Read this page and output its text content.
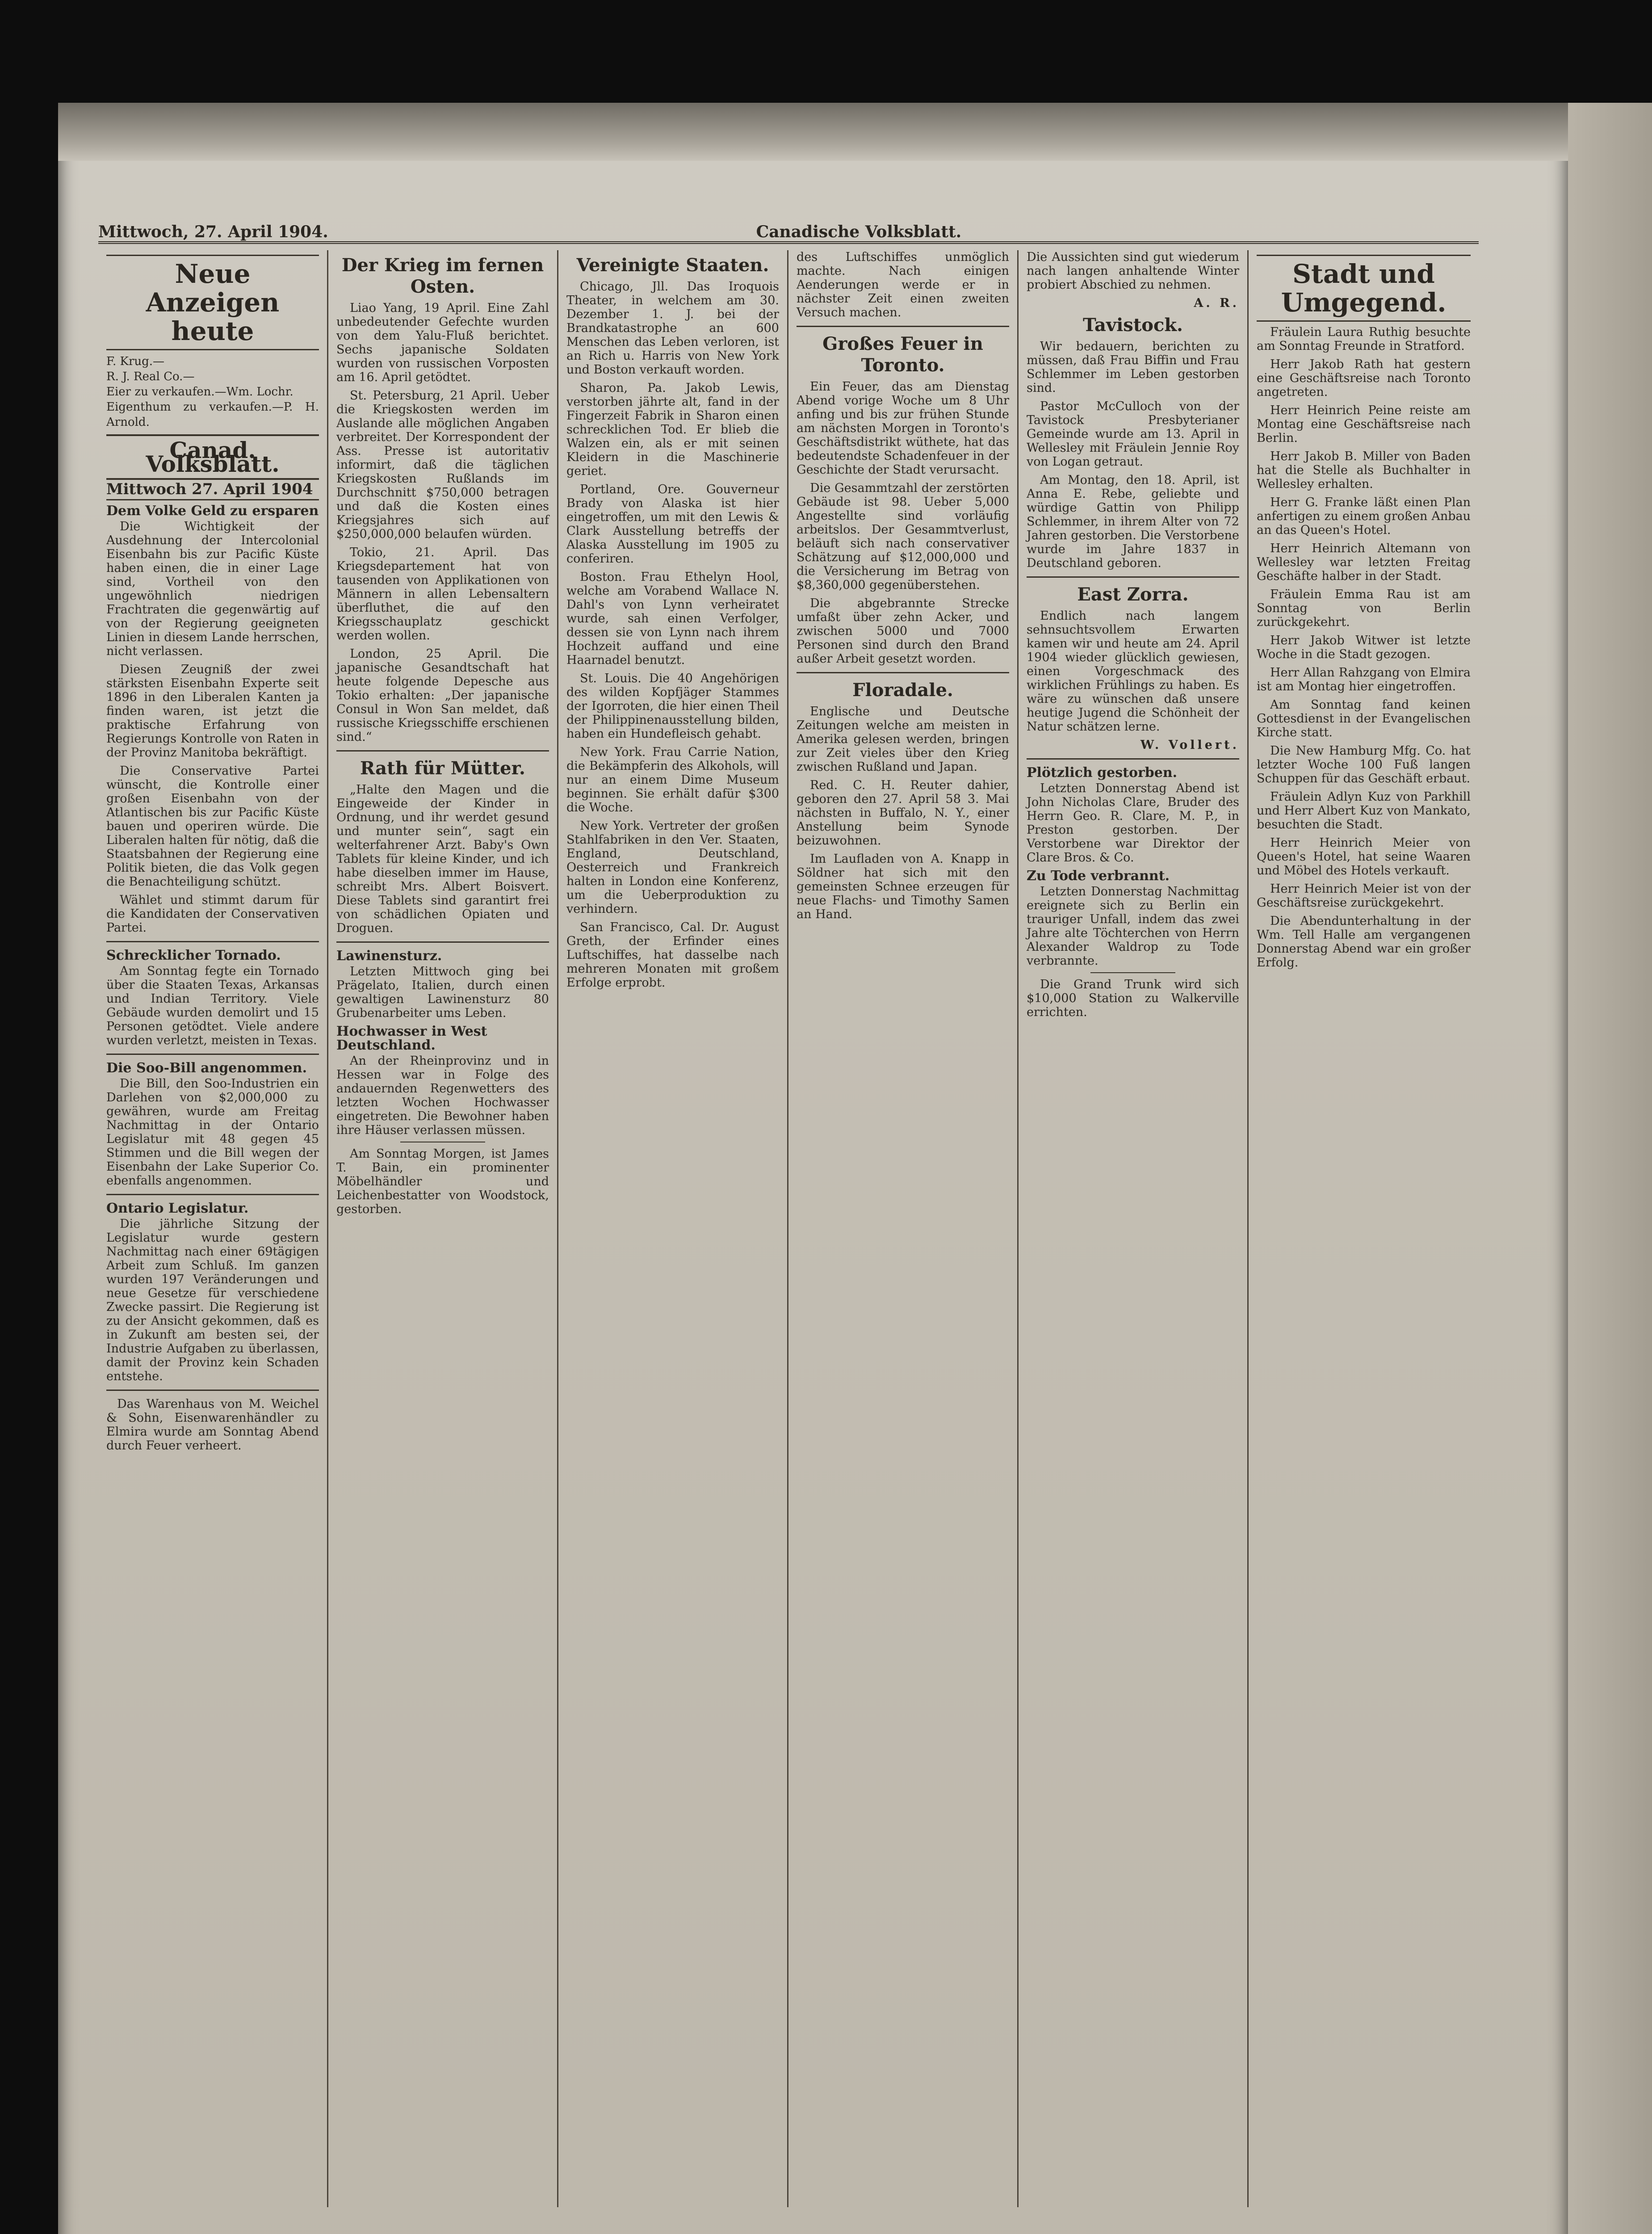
Mittwoch, 27. April 1904.	Canadische Volksblatt.
Neue Anzeigen heute
F. Krug.—
R. J. Real Co.—
Eier zu verkaufen.—Wm. Lochr.
Eigenthum zu verkaufen.—P. H. Arnold.
Canad. Volksblatt.
Mittwoch 27. April 1904
Dem Volke Geld zu ersparen

Die Wichtigkeit der Ausdehnung der Intercolonial Eisenbahn bis zur Pacific Küste haben einen, die in einer Lage sind, Vortheil von den ungewöhnlich niedrigen Frachtraten die gegenwärtig auf von der Regierung geeigneten Linien in diesem Lande herrschen, nicht verlassen.

Diesen Zeugniß der zwei stärksten Eisenbahn Experte seit 1896 in den Liberalen Kanten ja finden waren, ist jetzt die praktische Erfahrung von Regierungs Kontrolle von Raten in der Provinz Manitoba bekräftigt.

Die Conservative Partei wünscht, die Kontrolle einer großen Eisenbahn von der Atlantischen bis zur Pacific Küste bauen und operiren würde. Die Liberalen halten für nötig, daß die Staatsbahnen der Regierung eine Politik bieten, die das Volk gegen die Benachteiligung schützt.

Wählet und stimmt darum für die Kandidaten der Conservativen Partei.

Schrecklicher Tornado.

Am Sonntag fegte ein Tornado über die Staaten Texas, Arkansas und Indian Territory. Viele Gebäude wurden demolirt und 15 Personen getödtet. Viele andere wurden verletzt, meisten in Texas.

Die Soo-Bill angenommen.

Die Bill, den Soo-Industrien ein Darlehen von $2,000,000 zu gewähren, wurde am Freitag Nachmittag in der Ontario Legislatur mit 48 gegen 45 Stimmen und die Bill wegen der Eisenbahn der Lake Superior Co. ebenfalls angenommen.

Ontario Legislatur.

Die jährliche Sitzung der Legislatur wurde gestern Nachmittag nach einer 69tägigen Arbeit zum Schluß. Im ganzen wurden 197 Veränderungen und neue Gesetze für verschiedene Zwecke passirt. Die Regierung ist zu der Ansicht gekommen, daß es in Zukunft am besten sei, der Industrie Aufgaben zu überlassen, damit der Provinz kein Schaden entstehe.

Das Warenhaus von M. Weichel & Sohn, Eisenwarenhändler zu Elmira wurde am Sonntag Abend durch Feuer verheert.

Der Krieg im fernen Osten.

Liao Yang, 19 April. Eine Zahl unbedeutender Gefechte wurden von dem Yalu-Fluß berichtet. Sechs japanische Soldaten wurden von russischen Vorposten am 16. April getödtet.

St. Petersburg, 21 April. Ueber die Kriegskosten werden im Auslande alle möglichen Angaben verbreitet. Der Korrespondent der Ass. Presse ist autoritativ informirt, daß die täglichen Kriegskosten Rußlands im Durchschnitt $750,000 betragen und daß die Kosten eines Kriegsjahres sich auf $250,000,000 belaufen würden.

Tokio, 21. April. Das Kriegsdepartement hat von tausenden von Applikationen von Männern in allen Lebensaltern überfluthet, die auf den Kriegsschauplatz geschickt werden wollen.

London, 25 April. Die japanische Gesandtschaft hat heute folgende Depesche aus Tokio erhalten: „Der japanische Consul in Won San meldet, daß russische Kriegsschiffe erschienen sind.“

Rath für Mütter.

„Halte den Magen und die Eingeweide der Kinder in Ordnung, und ihr werdet gesund und munter sein“, sagt ein welterfahrener Arzt. Baby's Own Tablets für kleine Kinder, und ich habe dieselben immer im Hause, schreibt Mrs. Albert Boisvert. Diese Tablets sind garantirt frei von schädlichen Opiaten und Droguen.

Lawinensturz.

Letzten Mittwoch ging bei Prägelato, Italien, durch einen gewaltigen Lawinensturz 80 Grubenarbeiter ums Leben.

Hochwasser in West Deutschland.

An der Rheinprovinz und in Hessen war in Folge des andauernden Regenwetters des letzten Wochen Hochwasser eingetreten. Die Bewohner haben ihre Häuser verlassen müssen.

Am Sonntag Morgen, ist James T. Bain, ein prominenter Möbelhändler und Leichenbestatter von Woodstock, gestorben.

Vereinigte Staaten.

Chicago, Jll. Das Iroquois Theater, in welchem am 30. Dezember 1. J. bei der Brandkatastrophe an 600 Menschen das Leben verloren, ist an Rich u. Harris von New York und Boston verkauft worden.

Sharon, Pa. Jakob Lewis, verstorben jährte alt, fand in der Fingerzeit Fabrik in Sharon einen schrecklichen Tod. Er blieb die Walzen ein, als er mit seinen Kleidern in die Maschinerie geriet.

Portland, Ore. Gouverneur Brady von Alaska ist hier eingetroffen, um mit den Lewis & Clark Ausstellung betreffs der Alaska Ausstellung im 1905 zu conferiren.

Boston. Frau Ethelyn Hool, welche am Vorabend Wallace N. Dahl's von Lynn verheiratet wurde, sah einen Verfolger, dessen sie von Lynn nach ihrem Hochzeit auffand und eine Haarnadel benutzt.

St. Louis. Die 40 Angehörigen des wilden Kopfjäger Stammes der Igorroten, die hier einen Theil der Philippinenausstellung bilden, haben ein Hundefleisch gehabt.

New York. Frau Carrie Nation, die Bekämpferin des Alkohols, will nur an einem Dime Museum beginnen. Sie erhält dafür $300 die Woche.

New York. Vertreter der großen Stahlfabriken in den Ver. Staaten, England, Deutschland, Oesterreich und Frankreich halten in London eine Konferenz, um die Ueberproduktion zu verhindern.

San Francisco, Cal. Dr. August Greth, der Erfinder eines Luftschiffes, hat dasselbe nach mehreren Monaten mit großem Erfolge erprobt.

des Luftschiffes unmöglich machte. Nach einigen Aenderungen werde er in nächster Zeit einen zweiten Versuch machen.

Großes Feuer in Toronto.

Ein Feuer, das am Dienstag Abend vorige Woche um 8 Uhr anfing und bis zur frühen Stunde am nächsten Morgen in Toronto's Geschäftsdistrikt wüthete, hat das bedeutendste Schadenfeuer in der Geschichte der Stadt verursacht.

Die Gesammtzahl der zerstörten Gebäude ist 98. Ueber 5,000 Angestellte sind vorläufig arbeitslos. Der Gesammtverlust, beläuft sich nach conservativer Schätzung auf $12,000,000 und die Versicherung im Betrag von $8,360,000 gegenüberstehen.

Die abgebrannte Strecke umfaßt über zehn Acker, und zwischen 5000 und 7000 Personen sind durch den Brand außer Arbeit gesetzt worden.

Floradale.

Englische und Deutsche Zeitungen welche am meisten in Amerika gelesen werden, bringen zur Zeit vieles über den Krieg zwischen Rußland und Japan.

Red. C. H. Reuter dahier, geboren den 27. April 58 3. Mai nächsten in Buffalo, N. Y., einer Anstellung beim Synode beizuwohnen.

Im Laufladen von A. Knapp in Söldner hat sich mit den gemeinsten Schnee erzeugen für neue Flachs- und Timothy Samen an Hand.

Die Aussichten sind gut wiederum nach langen anhaltende Winter probiert Abschied zu nehmen.

A. R.
Tavistock.

Wir bedauern, berichten zu müssen, daß Frau Biffin und Frau Schlemmer im Leben gestorben sind.

Pastor McCulloch von der Tavistock Presbyterianer Gemeinde wurde am 13. April in Wellesley mit Fräulein Jennie Roy von Logan getraut.

Am Montag, den 18. April, ist Anna E. Rebe, geliebte und würdige Gattin von Philipp Schlemmer, in ihrem Alter von 72 Jahren gestorben. Die Verstorbene wurde im Jahre 1837 in Deutschland geboren.

East Zorra.

Endlich nach langem sehnsuchtsvollem Erwarten kamen wir und heute am 24. April 1904 wieder glücklich gewiesen, einen Vorgeschmack des wirklichen Frühlings zu haben. Es wäre zu wünschen daß unsere heutige Jugend die Schönheit der Natur schätzen lerne.

W. Vollert.
Plötzlich gestorben.

Letzten Donnerstag Abend ist John Nicholas Clare, Bruder des Herrn Geo. R. Clare, M. P., in Preston gestorben. Der Verstorbene war Direktor der Clare Bros. & Co.

Zu Tode verbrannt.

Letzten Donnerstag Nachmittag ereignete sich zu Berlin ein trauriger Unfall, indem das zwei Jahre alte Töchterchen von Herrn Alexander Waldrop zu Tode verbrannte.

Die Grand Trunk wird sich $10,000 Station zu Walkerville errichten.

Stadt und Umgegend.

Fräulein Laura Ruthig besuchte am Sonntag Freunde in Stratford.

Herr Jakob Rath hat gestern eine Geschäftsreise nach Toronto angetreten.

Herr Heinrich Peine reiste am Montag eine Geschäftsreise nach Berlin.

Herr Jakob B. Miller von Baden hat die Stelle als Buchhalter in Wellesley erhalten.

Herr G. Franke läßt einen Plan anfertigen zu einem großen Anbau an das Queen's Hotel.

Herr Heinrich Altemann von Wellesley war letzten Freitag Geschäfte halber in der Stadt.

Fräulein Emma Rau ist am Sonntag von Berlin zurückgekehrt.

Herr Jakob Witwer ist letzte Woche in die Stadt gezogen.

Herr Allan Rahzgang von Elmira ist am Montag hier eingetroffen.

Am Sonntag fand keinen Gottesdienst in der Evangelischen Kirche statt.

Die New Hamburg Mfg. Co. hat letzter Woche 100 Fuß langen Schuppen für das Geschäft erbaut.

Fräulein Adlyn Kuz von Parkhill und Herr Albert Kuz von Mankato, besuchten die Stadt.

Herr Heinrich Meier von Queen's Hotel, hat seine Waaren und Möbel des Hotels verkauft.

Herr Heinrich Meier ist von der Geschäftsreise zurückgekehrt.

Die Abendunterhaltung in der Wm. Tell Halle am vergangenen Donnerstag Abend war ein großer Erfolg.
